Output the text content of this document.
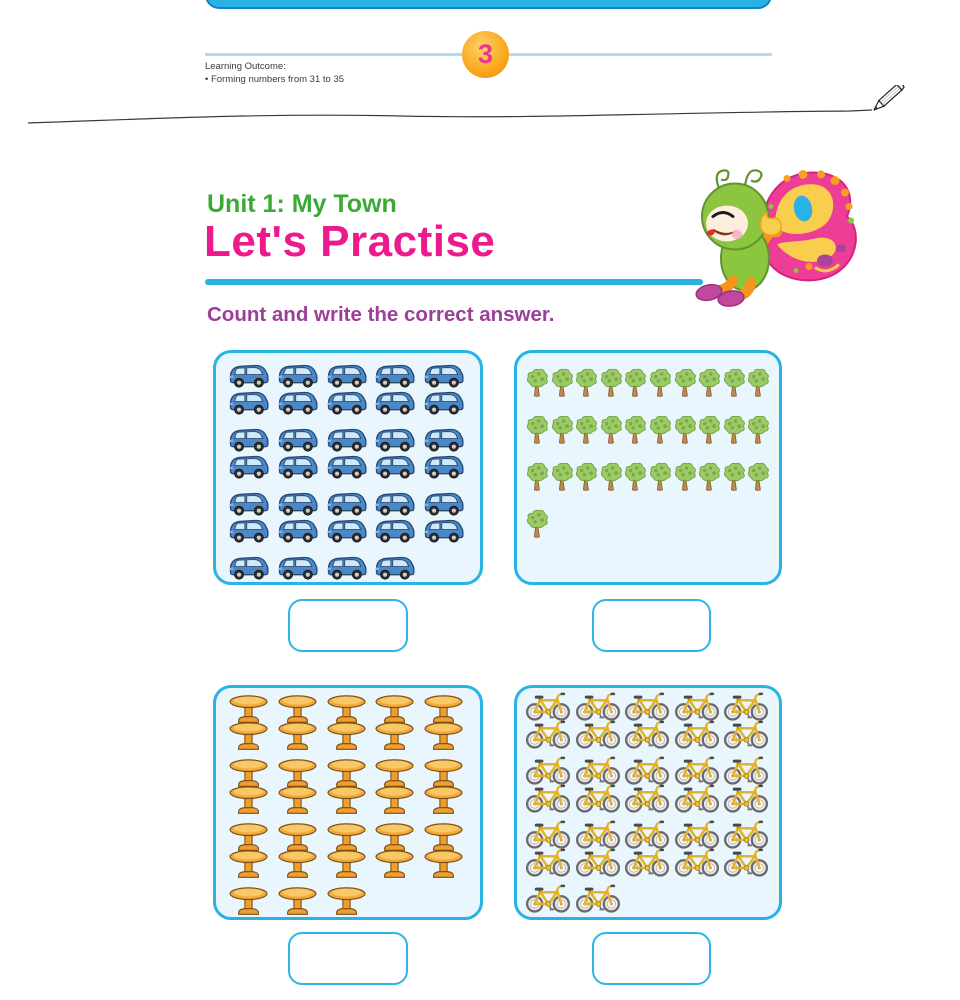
3
Learning Outcome:
• Forming numbers from 31 to 35
Unit 1: My Town
Let's Practise
Count and write the correct answer.
